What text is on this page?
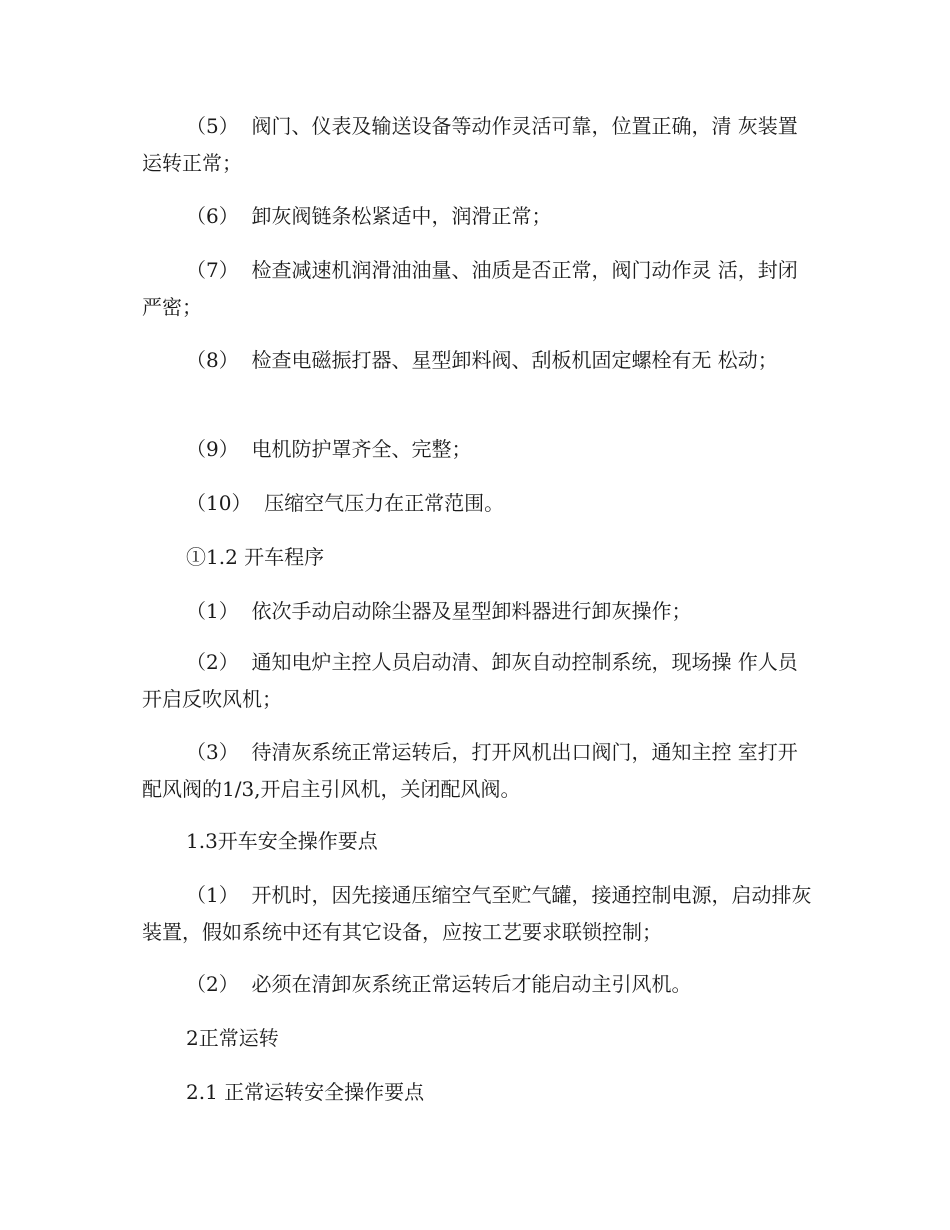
（5）  阀门、仪表及输送设备等动作灵活可靠，位置正确，清 灰装置运转正常；

（6）  卸灰阀链条松紧适中，润滑正常；

（7）  检查减速机润滑油油量、油质是否正常，阀门动作灵 活，封闭严密；

（8）  检查电磁振打器、星型卸料阀、刮板机固定螺栓有无 松动；

（9）  电机防护罩齐全、完整；

（10）  压缩空气压力在正常范围。

①1.2 开车程序

（1）  依次手动启动除尘器及星型卸料器进行卸灰操作；

（2）  通知电炉主控人员启动清、卸灰自动控制系统，现场操 作人员开启反吹风机；

（3）  待清灰系统正常运转后，打开风机出口阀门，通知主控 室打开配风阀的1/3,开启主引风机，关闭配风阀。

1.3开车安全操作要点

（1）  开机时，因先接通压缩空气至贮气罐，接通控制电源，启动排灰装置，假如系统中还有其它设备，应按工艺要求联锁控制；

（2）  必须在清卸灰系统正常运转后才能启动主引风机。

2正常运转

2.1 正常运转安全操作要点
